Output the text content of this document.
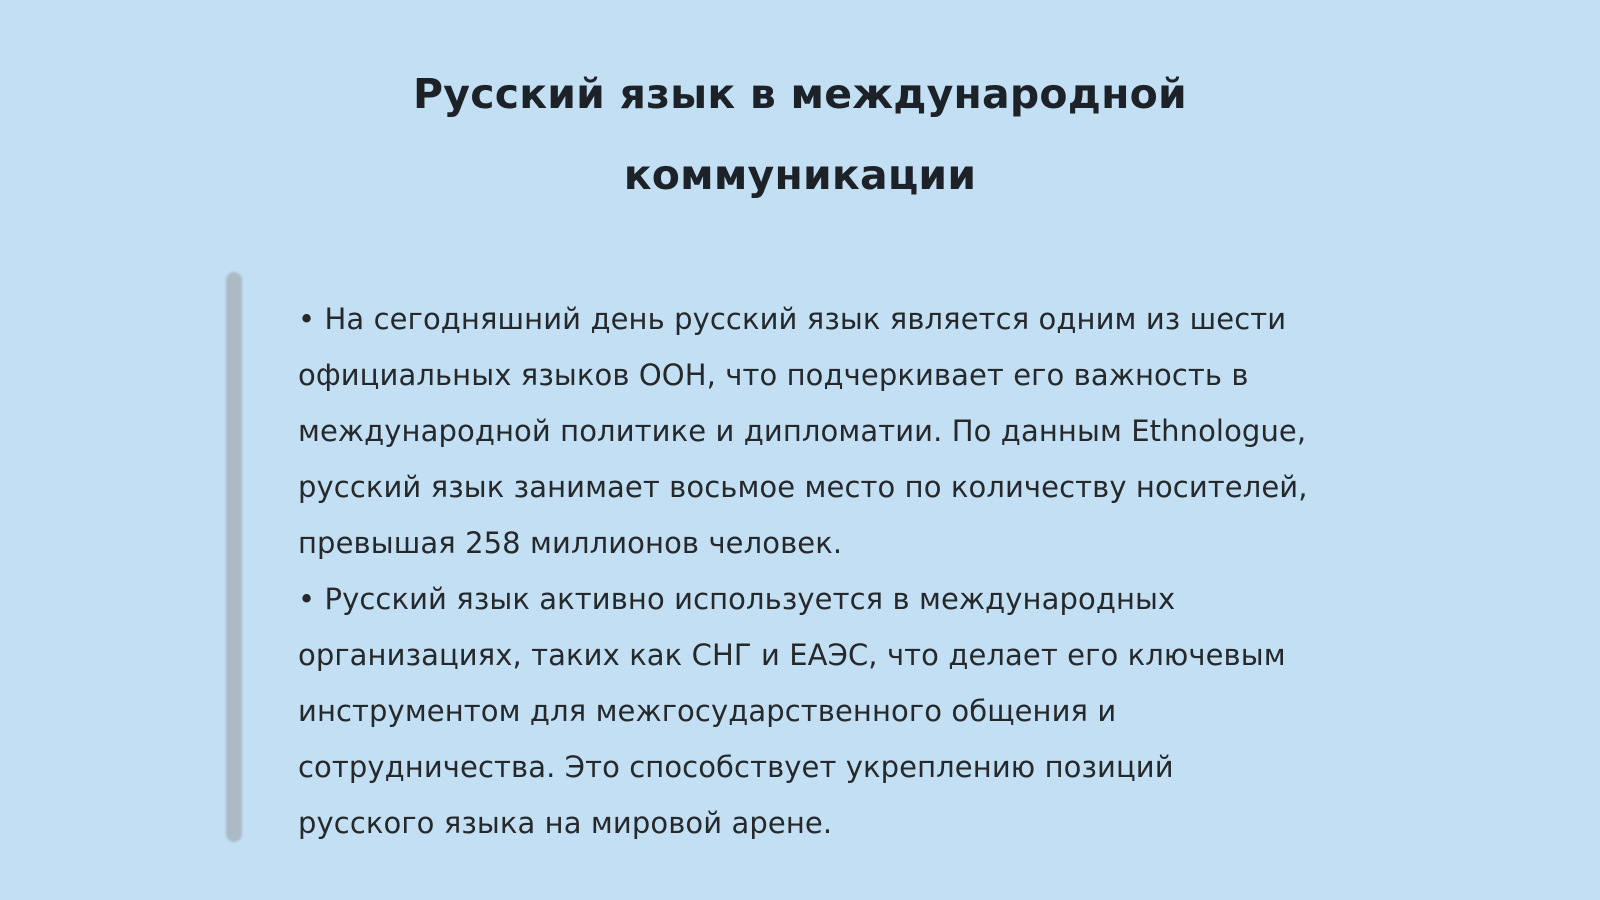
Русский язык в международной коммуникации

• На сегодняшний день русский язык является одним из шести официальных языков ООН, что подчеркивает его важность в международной политике и дипломатии. По данным Ethnologue, русский язык занимает восьмое место по количеству носителей, превышая 258 миллионов человек.

• Русский язык активно используется в международных организациях, таких как СНГ и ЕАЭС, что делает его ключевым инструментом для межгосударственного общения и сотрудничества. Это способствует укреплению позиций русского языка на мировой арене.
